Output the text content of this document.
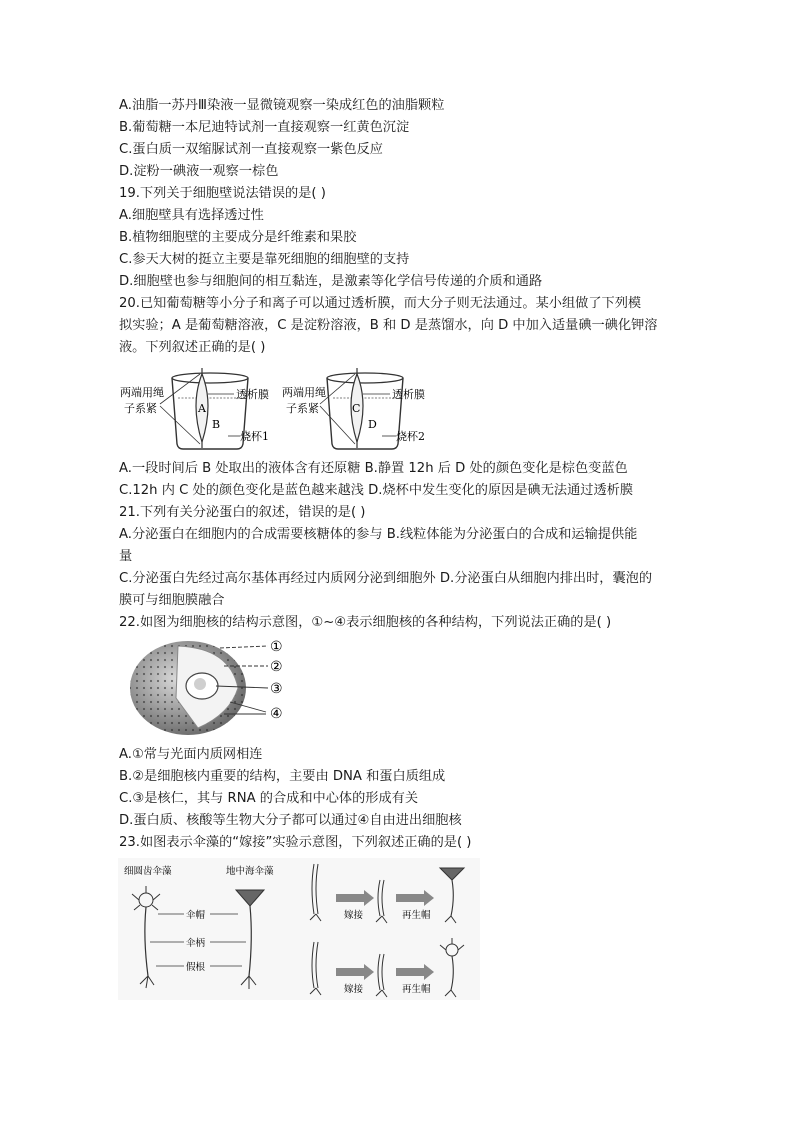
A.油脂一苏丹Ⅲ染液一显微镜观察一染成红色的油脂颗粒
B.葡萄糖一本尼迪特试剂一直接观察一红黄色沉淀
C.蛋白质一双缩脲试剂一直接观察一紫色反应
D.淀粉一碘液一观察一棕色
19.下列关于细胞壁说法错误的是( )
A.细胞壁具有选择透过性
B.植物细胞壁的主要成分是纤维素和果胶
C.参天大树的挺立主要是靠死细胞的细胞壁的支持
D.细胞壁也参与细胞间的相互黏连，是激素等化学信号传递的介质和通路
20.已知葡萄糖等小分子和离子可以通过透析膜，而大分子则无法通过。某小组做了下列模
拟实验；A 是葡萄糖溶液，C 是淀粉溶液，B 和 D 是蒸馏水，向 D 中加入适量碘一碘化钾溶
液。下列叙述正确的是( )
A
B
两端用绳
子系紧
透析膜
烧杯1
C
D
两端用绳
子系紧
透析膜
烧杯2
A.一段时间后 B 处取出的液体含有还原糖 B.静置 12h 后 D 处的颜色变化是棕色变蓝色
C.12h 内 C 处的颜色变化是蓝色越来越浅 D.烧杯中发生变化的原因是碘无法通过透析膜
21.下列有关分泌蛋白的叙述，错误的是( )
A.分泌蛋白在细胞内的合成需要核糖体的参与 B.线粒体能为分泌蛋白的合成和运输提供能
量
C.分泌蛋白先经过高尔基体再经过内质网分泌到细胞外 D.分泌蛋白从细胞内排出时，囊泡的
膜可与细胞膜融合
22.如图为细胞核的结构示意图，①~④表示细胞核的各种结构，下列说法正确的是( )
①
②
③
④
A.①常与光面内质网相连
B.②是细胞核内重要的结构，主要由 DNA 和蛋白质组成
C.③是核仁，其与 RNA 的合成和中心体的形成有关
D.蛋白质、核酸等生物大分子都可以通过④自由进出细胞核
23.如图表示伞藻的“嫁接”实验示意图，下列叙述正确的是( )
细圆齿伞藻	地中海伞藻
伞帽
伞柄
假根
嫁接	再生帽
嫁接	再生帽
